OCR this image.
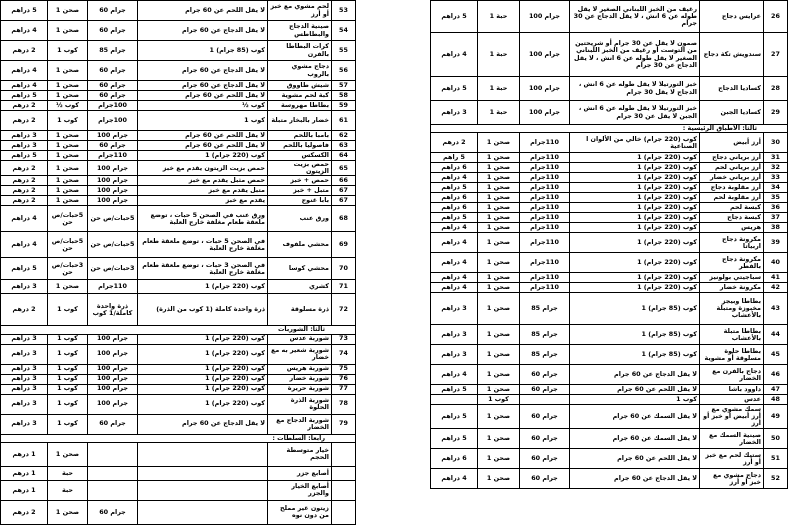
26	عرايس دجاج	رغيف من الخبز اللبناني الصغير لا يقل طوله عن 6 انش ، لا يقل الدجاج عن 30 جرام	جرام 100	حبة 1	5 دراهم
27	سندويش تكة دجاج	صمون لا يقل عن 30 جرام أو شريحتين من التوست أو رغيف من الخبز اللبناني الصغير لا يقل طوله عن 6 انش ، لا يقل الدجاج عن 30 جرام	جرام 100	حبة 1	4 دراهم
28	كساديا الدجاج	خبز التورتيلا لا يقل طوله عن 6 انش ، الدجاج لا يقل 30 جرام	جرام 100	حبة 1	5 دراهم
29	كساديا الجبن	خبز التورتيلا لا يقل طوله عن 6 انش ، الجبن لا يقل عن 30 جرام	جرام 100	حبة 1	3 دراهم
ثالثا: الأطباق الرئيسية :					
30	أرز أبيض	كوب (220 جرام) خالي من الألوان ا الصناعية	110جرام	صحن 1	2 درهم
31	أرز برياني دجاج	كوب (220 جرام) 1	110جرام	صحن 1	5 راهم
32	أرز برياني لحم	كوب (220 جرام) 1	110جرام	صحن 1	6 دراهم
33	أرز برياني خضار	كوب (220 جرام) 1	110جرام	صحن 1	4 دراهم
34	أرز مقلوبة دجاج	كوب (220 جرام) 1	110جرام	صحن 1	5 دراهم
35	أرز مقلوبة لحم	كوب (220 جرام) 1	110جرام	صحن 1	6 دراهم
36	كبسة لحم	كوب (220 جرام) 1	110جرام	صحن 1	6 دراهم
37	كبسة دجاج	كوب (220 جرام) 1	110جرام	صحن 1	5 دراهم
38	هريس	كوب (220 جرام) 1	110جرام	صحن 1	4 دراهم
39	مكرونة دجاج اربياتا	كوب (220 جرام) 1	110جرام	صحن 1	4 دراهم
40	مكرونة دجاج بالفطر	كوب (220 جرام) 1	110جرام	صحن 1	4 دراهم
41	سباجيتي بولونيز	كوب (220 جرام) 1	110جرام	صحن 1	4 دراهم
42	مكرونة خضار	كوب (220 جرام) 1	110جرام	صحن 1	4 دراهم
43	بطاطا وبيجز مخبوزة ومتبلة بالأعشاب	كوب (85 جرام) 1	جرام 85	صحن 1	3 دراهم
44	بطاطا متبلة بالأعشاب	كوب (85 جرام) 1	جرام 85	صحن 1	3 دراهم
45	بطاطا حلوة مسلوقة أو مشوية	كوب (85 جرام) 1	جرام 85	صحن 1	3 دراهم
46	دجاج بالفرن مع الخضار	لا يقل الدجاج عن 60 جرام	جرام 60	صحن 1	4 دراهم
47	داوود باشا	لا يقل اللحم عن 60 جرام	جرام 60	صحن 1	5 دراهم
48	عدس	كوب 1		كوب 1	
49	سمك مشوي مع أرز أبيض أو خبز أو أرز	لا يقل السمك عن 60 جرام	جرام 60	صحن 1	5 دراهم
50	صينية السمك مع الخضار	لا يقل السمك عن 60 جرام	جرام 60	صحن 1	5 دراهم
51	ستيك لحم مع خبز أو أرز	لا يقل اللحم عن 60 جرام	جرام 60	صحن 1	6 دراهم
52	دجاج مشوي مع خبز أو أرز	لا يقل الدجاج عن 60 جرام	جرام 60	صحن 1	4 دراهم
53	لحم مشوي مع خبز أو أرز	لا يقل اللحم عن 60 جرام	جرام 60	صحن 1	5 دراهم
54	صينية الدجاج والبطاطس	لا يقل الدجاج عن 60 جرام	جرام 60	صحن 1	4 دراهم
55	كرات البطاطا بالفرن	كوب (85 جرام) 1	جرام 85	كوب 1	2 درهم
56	دجاج مشوي بالروب	لا يقل الدجاج عن 60 جرام	جرام 60	صحن 1	4 دراهم
57	شيش طاووق	لا يقل الدجاج عن 60 جرام	جرام 60	صحن 1	4 دراهم
58	كبة لحم مشوية	لا يقل اللحم عن 60 جرام	جرام 60	صحن 1	5 دراهم
59	بطاطا مهروسة	كوب ½	100جرام	كوب ½	2 درهم
61	خضار بالبخار متبلة	كوب 1	100جرام	كوب 1	2 درهم
62	بامبا باللحم	لا يقل اللحم عن 60 جرام	جرام 100	صحن 1	3 دراهم
63	فاصوليا باللحم	لا يقل اللحم عن 60 جرام	جرام 60	صحن 1	3 دراهم
64	الكسكس	كوب (220 جرام) 1	110جرام	صحن 1	5 دراهم
65	حمص بزيت الزيتون	حمص بزيت الزيتون يقدم مع خبز	جرام 100	صحن 1	2 درهم
66	حمص + خبز	حمص مثبل يقدم مع خبز	جرام 100	صحن 1	2 درهم
67	متبل + خبز	متبل يقدم مع خبز	جرام 100	صحن 1	2 درهم
67	بابا غنوج	يقدم مع خبز	جرام 100	صحن 1	2 درهم
68	ورق عنب	ورق عنب في الصحن 5 حبات ، توضع ملعقة طعام مغلفة خارج العلبة	5حبات/ص حن	5حبات/ص حن	4 دراهم
69	محشي ملفوف	في الصحن 5 حبات ، توضع ملعقة طعام مغلفة خارج العلبة	5حبات/ص حن	5حبات/ص حن	4 دراهم
70	محشي كوسا	في الصحن 3 حبات ، توضع ملعقة طعام مغلفة خارج العلبة	3حبات/ص حن	3حبات/ص حن	5 دراهم
71	كشري	كوب (220 جرام) 1	110جرام	صحن 1	3 دراهم
72	ذرة مسلوقة	ذرة واحدة كاملة (1 كوب من الذرة)	ذرة واحدة كاملة/1 كوب	كوب 1	2 درهم
ثالثا: الشوربات					
73	شوربة عدس	كوب (220 جرام) 1	جرام 100	كوب 1	3 دراهم
74	شوربة شعير به مع خضار	كوب (220 جرام) 1	جرام 100	كوب 1	3 دراهم
75	شوربة هريس	كوب (220 جرام) 1	جرام 100	كوب 1	3 دراهم
76	شوربة خضار	كوب (220 جرام) 1	جرام 100	كوب 1	3 دراهم
77	شوربة حريرة	كوب (220 جرام) 1	جرام 100	كوب 1	3 دراهم
78	شوربة الذرة الحلوة	كوب (220 جرام) 1	جرام 100	كوب 1	3 دراهم
79	شوربة الدجاج مع الخضار	لا يقل الدجاج عن 60 جرام	جرام 60	كوب 1	3 دراهم
رابعا: السلطات :					
	خيار متوسطة الحجم			صحن 1	1 درهم
	أصابع جزر			حبة	1 درهم
	أصابع الخيار والجزر			حبة	1 درهم
	زيتون غير مملح من دون نوه		جرام 60	صحن 1	2 درهم
